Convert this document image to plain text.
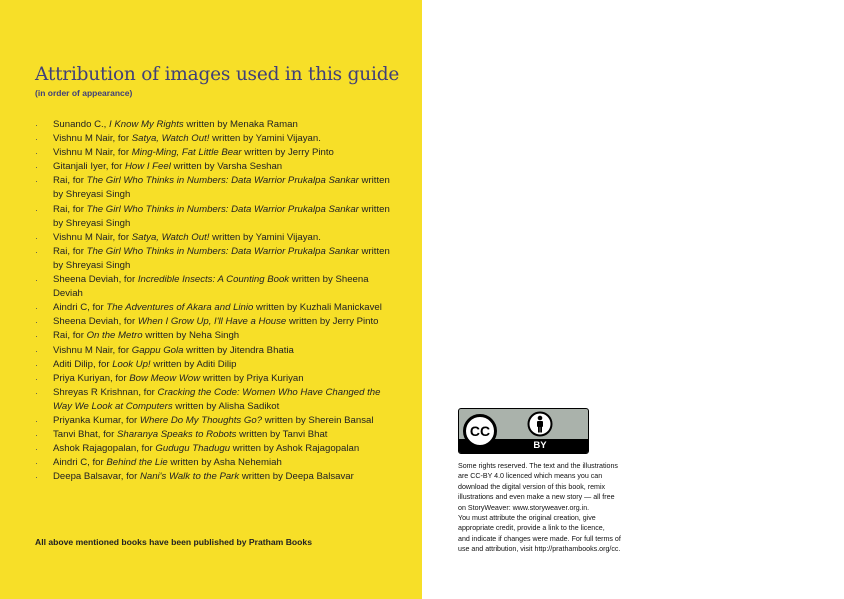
Attribution of images used in this guide
(in order of appearance)
· Sunando C., I Know My Rights written by Menaka Raman
· Vishnu M Nair, for Satya, Watch Out! written by Yamini Vijayan.
· Vishnu M Nair, for Ming-Ming, Fat Little Bear written by Jerry Pinto
· Gitanjali Iyer, for How I Feel written by Varsha Seshan
· Rai, for The Girl Who Thinks in Numbers: Data Warrior Prukalpa Sankar written by Shreyasi Singh
· Rai, for The Girl Who Thinks in Numbers: Data Warrior Prukalpa Sankar written by Shreyasi Singh
· Vishnu M Nair, for Satya, Watch Out! written by Yamini Vijayan.
· Rai, for The Girl Who Thinks in Numbers: Data Warrior Prukalpa Sankar written by Shreyasi Singh
· Sheena Deviah, for Incredible Insects: A Counting Book written by Sheena Deviah
· Aindri C, for The Adventures of Akara and Linio written by Kuzhali Manickavel
· Sheena Deviah, for When I Grow Up, I'll Have a House written by Jerry Pinto
· Rai, for On the Metro written by Neha Singh
· Vishnu M Nair, for Gappu Gola written by Jitendra Bhatia
· Aditi Dilip, for Look Up! written by Aditi Dilip
· Priya Kuriyan, for Bow Meow Wow written by Priya Kuriyan
· Shreyas R Krishnan, for Cracking the Code: Women Who Have Changed the Way We Look at Computers written by Alisha Sadikot
· Priyanka Kumar, for Where Do My Thoughts Go? written by Sherein Bansal
· Tanvi Bhat, for Sharanya Speaks to Robots written by Tanvi Bhat
· Ashok Rajagopalan, for Gudugu Thadugu written by Ashok Rajagopalan
· Aindri C, for Behind the Lie written by Asha Nehemiah
· Deepa Balsavar, for Nani's Walk to the Park written by Deepa Balsavar
All above mentioned books have been published by Pratham Books
CC
BY
Some rights reserved. The text and the illustrations
are CC-BY 4.0 licenced which means you can
download the digital version of this book, remix
illustrations and even make a new story — all free
on StoryWeaver: www.storyweaver.org.in.
You must attribute the original creation, give
appropriate credit, provide a link to the licence,
and indicate if changes were made. For full terms of
use and attribution, visit http://prathambooks.org/cc.
